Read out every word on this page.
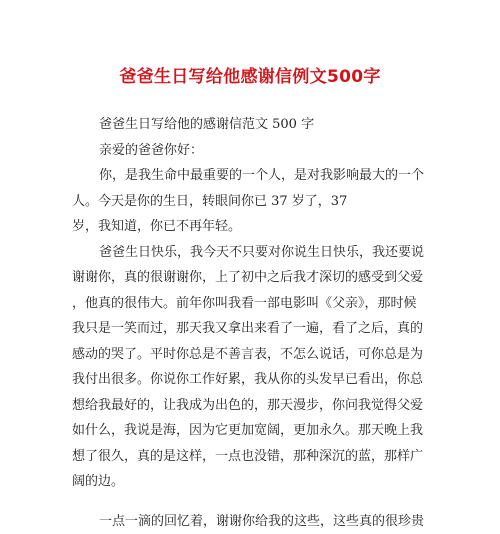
爸爸生日写给他感谢信例文500字
爸爸生日写给他的感谢信范文 500 字
亲爱的爸爸你好：
你，是我生命中最重要的一个人，是对我影响最大的一个
人。今天是你的生日，转眼间你已 37 岁了，37
岁，我知道，你已不再年轻。
爸爸生日快乐，我今天不只要对你说生日快乐，我还要说
谢谢你，真的很谢谢你，上了初中之后我才深切的感受到父爱
，他真的很伟大。前年你叫我看一部电影叫《父亲》，那时候
我只是一笑而过，那天我又拿出来看了一遍，看了之后，真的
感动的哭了。平时你总是不善言表，不怎么说话，可你总是为
我付出很多。你说你工作好累，我从你的头发早已看出，你总
想给我最好的，让我成为出色的，那天漫步，你问我觉得父爱
如什么，我说是海，因为它更加宽阔，更加永久。那天晚上我
想了很久，真的是这样，一点也没错，那种深沉的蓝，那样广
阔的边。
一点一滴的回忆着，谢谢你给我的这些，这些真的很珍贵
